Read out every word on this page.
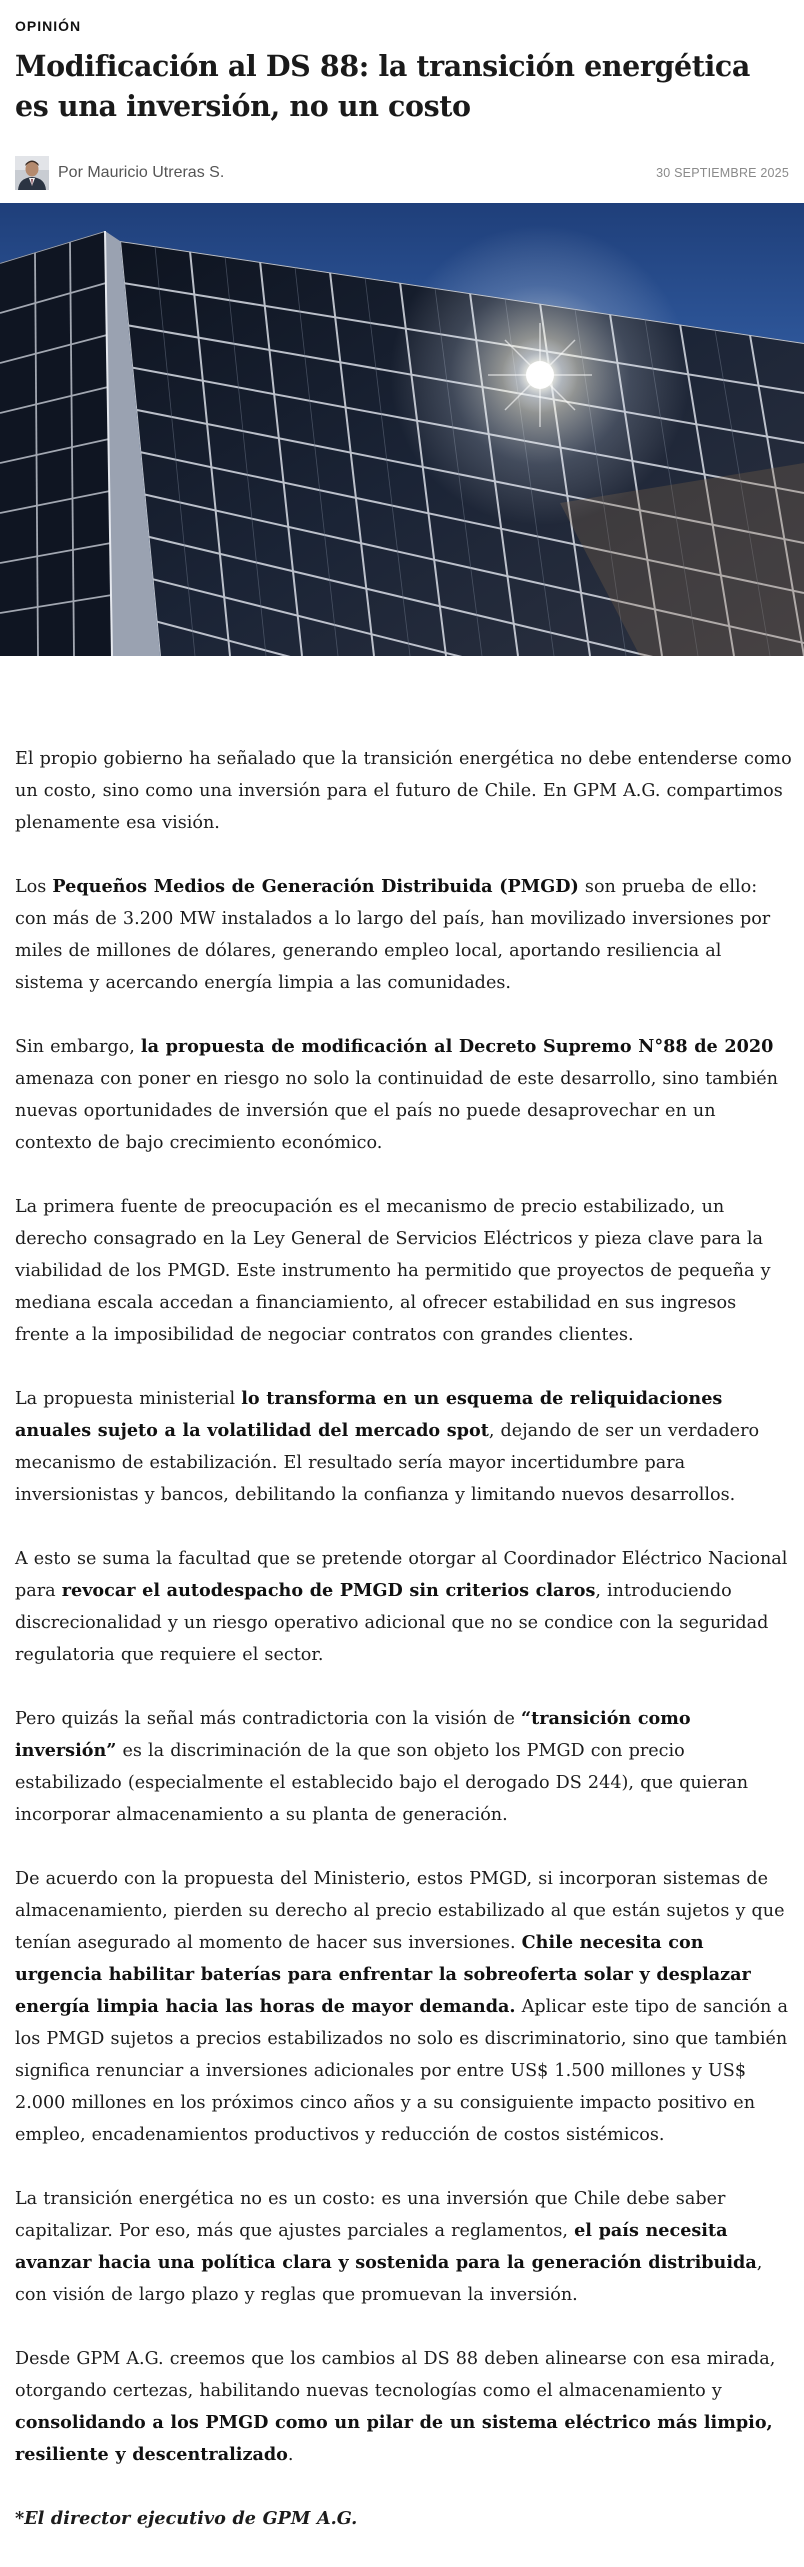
OPINIÓN
Modificación al DS 88: la transición energética es una inversión, no un costo
Por Mauricio Utreras S.	30 SEPTIEMBRE 2025

El propio gobierno ha señalado que la transición energética no debe entenderse como un costo, sino como una inversión para el futuro de Chile. En GPM A.G. compartimos plenamente esa visión.

Los Pequeños Medios de Generación Distribuida (PMGD) son prueba de ello: con más de 3.200 MW instalados a lo largo del país, han movilizado inversiones por miles de millones de dólares, generando empleo local, aportando resiliencia al sistema y acercando energía limpia a las comunidades.

Sin embargo, la propuesta de modificación al Decreto Supremo N°88 de 2020 amenaza con poner en riesgo no solo la continuidad de este desarrollo, sino también nuevas oportunidades de inversión que el país no puede desaprovechar en un contexto de bajo crecimiento económico.

La primera fuente de preocupación es el mecanismo de precio estabilizado, un derecho consagrado en la Ley General de Servicios Eléctricos y pieza clave para la viabilidad de los PMGD. Este instrumento ha permitido que proyectos de pequeña y mediana escala accedan a financiamiento, al ofrecer estabilidad en sus ingresos frente a la imposibilidad de negociar contratos con grandes clientes.

La propuesta ministerial lo transforma en un esquema de reliquidaciones anuales sujeto a la volatilidad del mercado spot, dejando de ser un verdadero mecanismo de estabilización. El resultado sería mayor incertidumbre para inversionistas y bancos, debilitando la confianza y limitando nuevos desarrollos.

A esto se suma la facultad que se pretende otorgar al Coordinador Eléctrico Nacional para revocar el autodespacho de PMGD sin criterios claros, introduciendo discrecionalidad y un riesgo operativo adicional que no se condice con la seguridad regulatoria que requiere el sector.

Pero quizás la señal más contradictoria con la visión de “transición como inversión” es la discriminación de la que son objeto los PMGD con precio estabilizado (especialmente el establecido bajo el derogado DS 244), que quieran incorporar almacenamiento a su planta de generación.

De acuerdo con la propuesta del Ministerio, estos PMGD, si incorporan sistemas de almacenamiento, pierden su derecho al precio estabilizado al que están sujetos y que tenían asegurado al momento de hacer sus inversiones. Chile necesita con urgencia habilitar baterías para enfrentar la sobreoferta solar y desplazar energía limpia hacia las horas de mayor demanda. Aplicar este tipo de sanción a los PMGD sujetos a precios estabilizados no solo es discriminatorio, sino que también significa renunciar a inversiones adicionales por entre US$ 1.500 millones y US$ 2.000 millones en los próximos cinco años y a su consiguiente impacto positivo en empleo, encadenamientos productivos y reducción de costos sistémicos.

La transición energética no es un costo: es una inversión que Chile debe saber capitalizar. Por eso, más que ajustes parciales a reglamentos, el país necesita avanzar hacia una política clara y sostenida para la generación distribuida, con visión de largo plazo y reglas que promuevan la inversión.

Desde GPM A.G. creemos que los cambios al DS 88 deben alinearse con esa mirada, otorgando certezas, habilitando nuevas tecnologías como el almacenamiento y consolidando a los PMGD como un pilar de un sistema eléctrico más limpio, resiliente y descentralizado.

*El director ejecutivo de GPM A.G.
